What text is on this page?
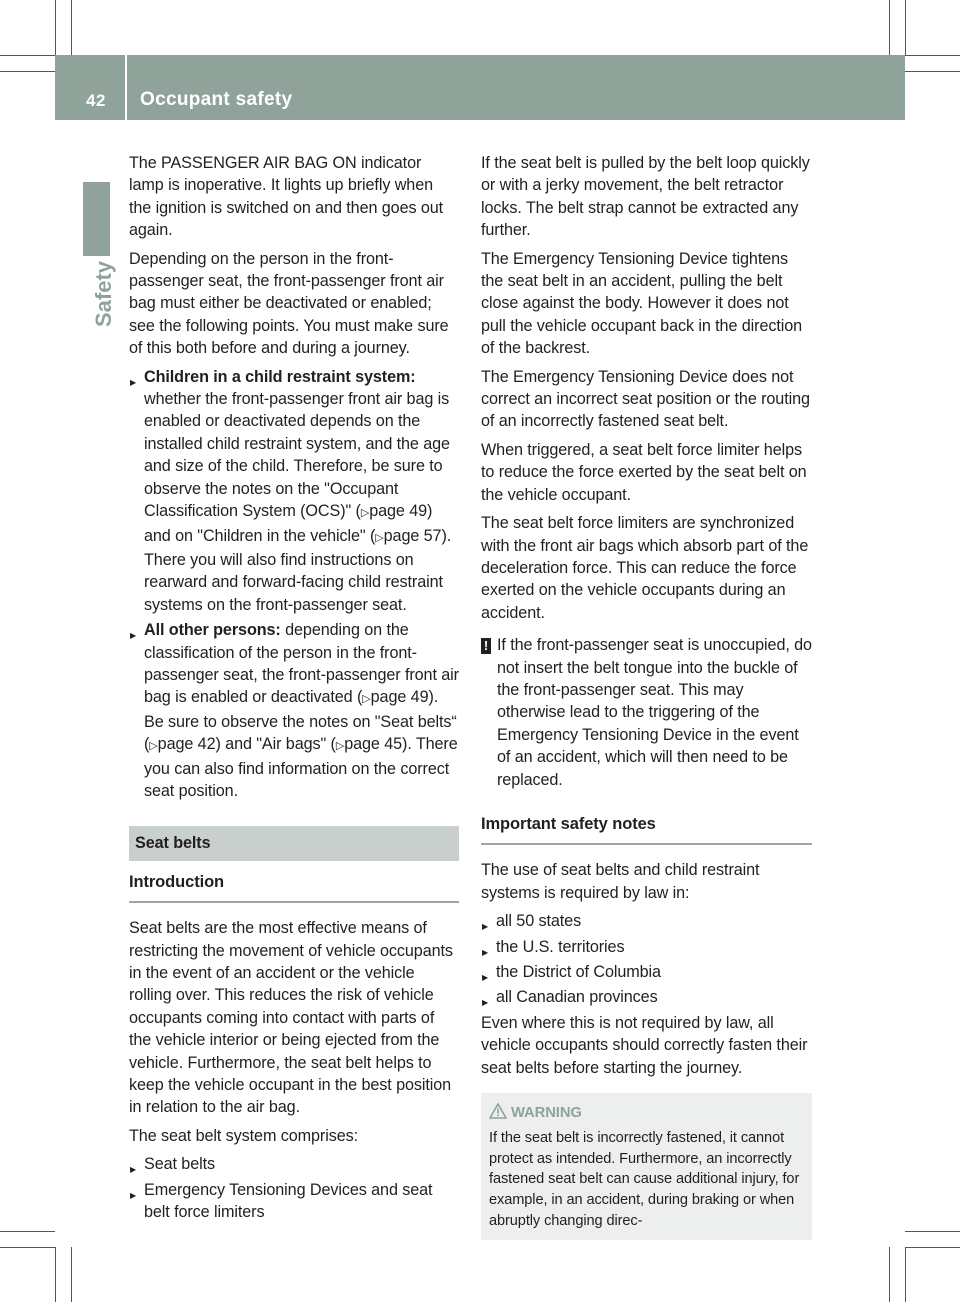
42 Occupant safety
Safety

The PASSENGER AIR BAG ON indicator lamp is inoperative. It lights up briefly when the ignition is switched on and then goes out again.

Depending on the person in the front-passenger seat, the front-passenger front air bag must either be deactivated or enabled; see the following points. You must make sure of this both before and during a journey.

▶ Children in a child restraint system:
whether the front-passenger front air bag is enabled or deactivated depends on the installed child restraint system, and the age and size of the child. Therefore, be sure to observe the notes on the "Occupant Classification System (OCS)" (▷page 49) and on "Children in the vehicle" (▷page 57). There you will also find instructions on rearward and forward-facing child restraint systems on the front-passenger seat.
▶ All other persons: depending on the classification of the person in the front-passenger seat, the front-passenger front air bag is enabled or deactivated (▷page 49). Be sure to observe the notes on "Seat belts“ (▷page 42) and "Air bags" (▷page 45). There you can also find information on the correct seat position.
Seat belts
Introduction

Seat belts are the most effective means of restricting the movement of vehicle occupants in the event of an accident or the vehicle rolling over. This reduces the risk of vehicle occupants coming into contact with parts of the vehicle interior or being ejected from the vehicle. Furthermore, the seat belt helps to keep the vehicle occupant in the best position in relation to the air bag.

The seat belt system comprises:

▶ Seat belts
▶ Emergency Tensioning Devices and seat belt force limiters

If the seat belt is pulled by the belt loop quickly or with a jerky movement, the belt retractor locks. The belt strap cannot be extracted any further.

The Emergency Tensioning Device tightens the seat belt in an accident, pulling the belt close against the body. However it does not pull the vehicle occupant back in the direction of the backrest.

The Emergency Tensioning Device does not correct an incorrect seat position or the routing of an incorrectly fastened seat belt.

When triggered, a seat belt force limiter helps to reduce the force exerted by the seat belt on the vehicle occupant.

The seat belt force limiters are synchronized with the front air bags which absorb part of the deceleration force. This can reduce the force exerted on the vehicle occupants during an accident.

! If the front-passenger seat is unoccupied, do not insert the belt tongue into the buckle of the front-passenger seat. This may otherwise lead to the triggering of the Emergency Tensioning Device in the event of an accident, which will then need to be replaced.
Important safety notes

The use of seat belts and child restraint systems is required by law in:

▶ all 50 states
▶ the U.S. territories
▶ the District of Columbia
▶ all Canadian provinces

Even where this is not required by law, all vehicle occupants should correctly fasten their seat belts before starting the journey.

WARNING
If the seat belt is incorrectly fastened, it cannot protect as intended. Furthermore, an incorrectly fastened seat belt can cause additional injury, for example, in an accident, during braking or when abruptly changing direc-
